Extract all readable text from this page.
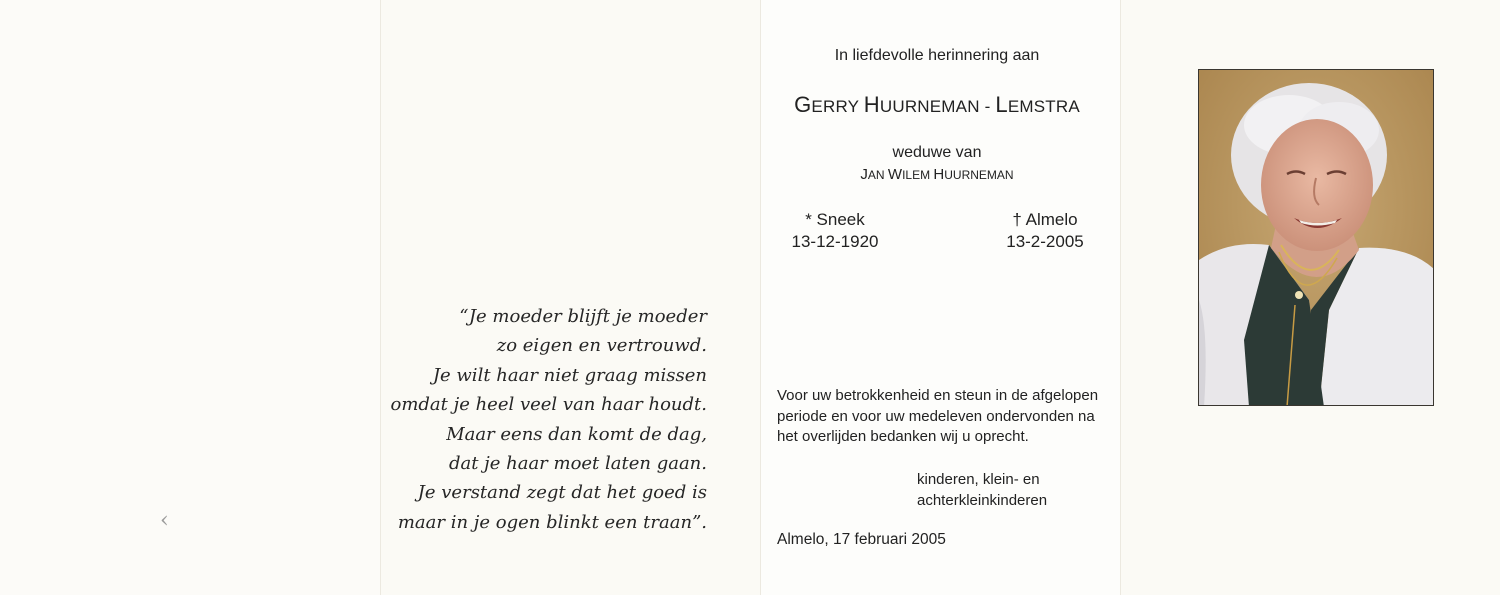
‹
“Je moeder blijft je moeder
zo eigen en vertrouwd.
Je wilt haar niet graag missen
omdat je heel veel van haar houdt.
Maar eens dan komt de dag,
dat je haar moet laten gaan.
Je verstand zegt dat het goed is
maar in je ogen blinkt een traan”.
In liefdevolle herinnering aan
GERRY HUURNEMAN - LEMSTRA
weduwe van
JAN WILEM HUURNEMAN
* Sneek
13-12-1920
† Almelo
13-2-2005
Voor uw betrokkenheid en steun in de afgelopen periode en voor uw medeleven ondervonden na het overlijden bedanken wij u oprecht.
kinderen, klein- en
achterkleinkinderen
Almelo, 17 februari 2005
